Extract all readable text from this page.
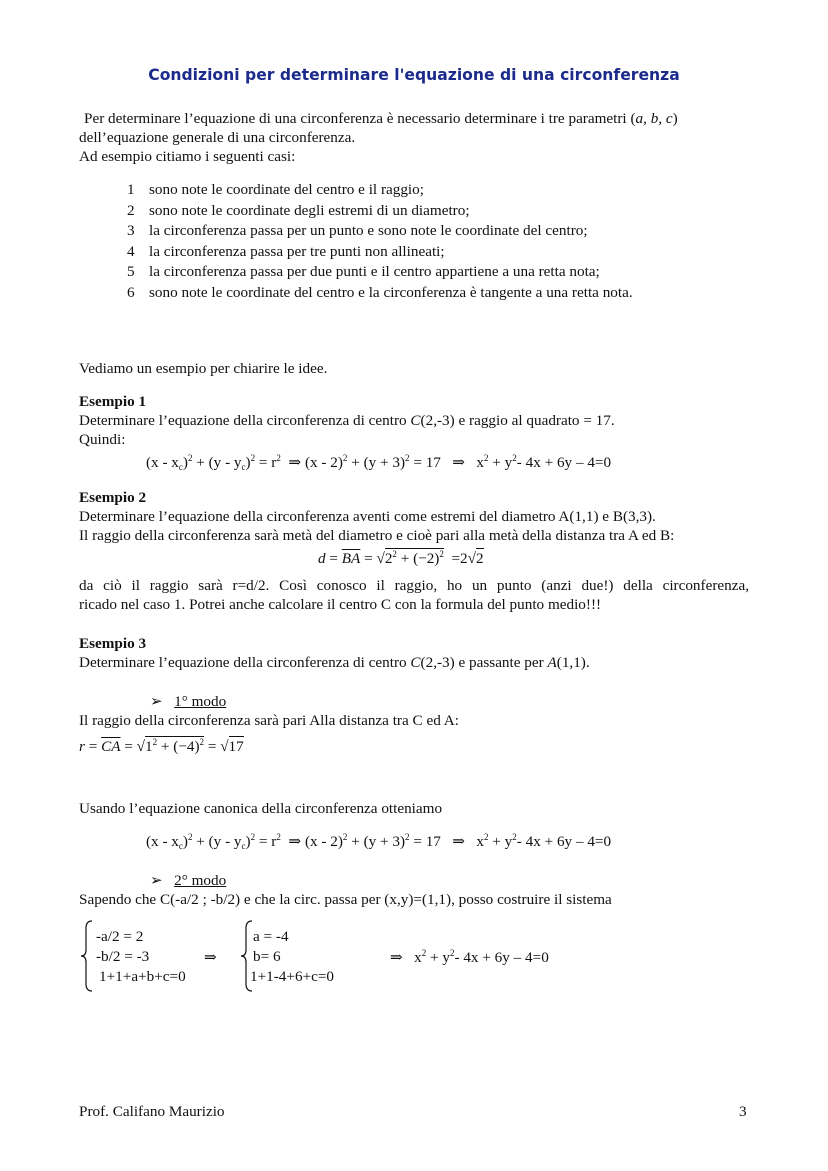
Condizioni per determinare l'equazione di una circonferenza
Per determinare l’equazione di una circonferenza è necessario determinare i tre parametri (a, b, c)
dell’equazione generale di una circonferenza.
Ad esempio citiamo i seguenti casi:
1 sono note le coordinate del centro e il raggio;
2 sono note le coordinate degli estremi di un diametro;
3 la circonferenza passa per un punto e sono note le coordinate del centro;
4 la circonferenza passa per tre punti non allineati;
5 la circonferenza passa per due punti e il centro appartiene a una retta nota;
6 sono note le coordinate del centro e la circonferenza è tangente a una retta nota.
Vediamo un esempio per chiarire le idee.
Esempio 1
Determinare l’equazione della circonferenza di centro C(2,-3) e raggio al quadrato = 17.
Quindi:
$(x - x_c)^2 + (y - y_c)^2 = r^2$ ⇒ $(x - 2)^2 + (y + 3)^2 = 17$ ⇒ $x^2 + y^2-$ 4x + 6y – 4=0
Esempio 2
Determinare l’equazione della circonferenza aventi come estremi del diametro A(1,1) e B(3,3).
Il raggio della circonferenza sarà metà del diametro e cioè pari alla metà della distanza tra A ed B:
$d = \overline{BA} = √2^2 + (-2)^2 =2√2$
da ciò il raggio sarà r=d/2. Così conosco il raggio, ho un punto (anzi due!) della circonferenza,
ricado nel caso 1. Potrei anche calcolare il centro C con la formula del punto medio!!!
Esempio 3
Determinare l’equazione della circonferenza di centro C(2,-3) e passante per A(1,1).
➢ 1° modo
Il raggio della circonferenza sarà pari Alla distanza tra C ed A:
$r = \overline{CA} = √1^2 + (-4)^2 = √17$
Usando l’equazione canonica della circonferenza otteniamo
$(x - x_c)^2 + (y - y_c)^2 = r^2$ ⇒ $(x - 2)^2 + (y + 3)^2 = 17$ ⇒ $x^2 + y^2-$ 4x + 6y – 4=0
➢ 2° modo
Sapendo che C(-a/2 ; -b/2) e che la circ. passa per (x,y)=(1,1), posso costruire il sistema
-a/2 = 2
-b/2 = -3
1+1+a+b+c=0
⇒
a = -4
b= 6
1+1-4+6+c=0
⇒ $x^2 + y^2-$ 4x + 6y – 4=0
Prof. Califano Maurizio	3
